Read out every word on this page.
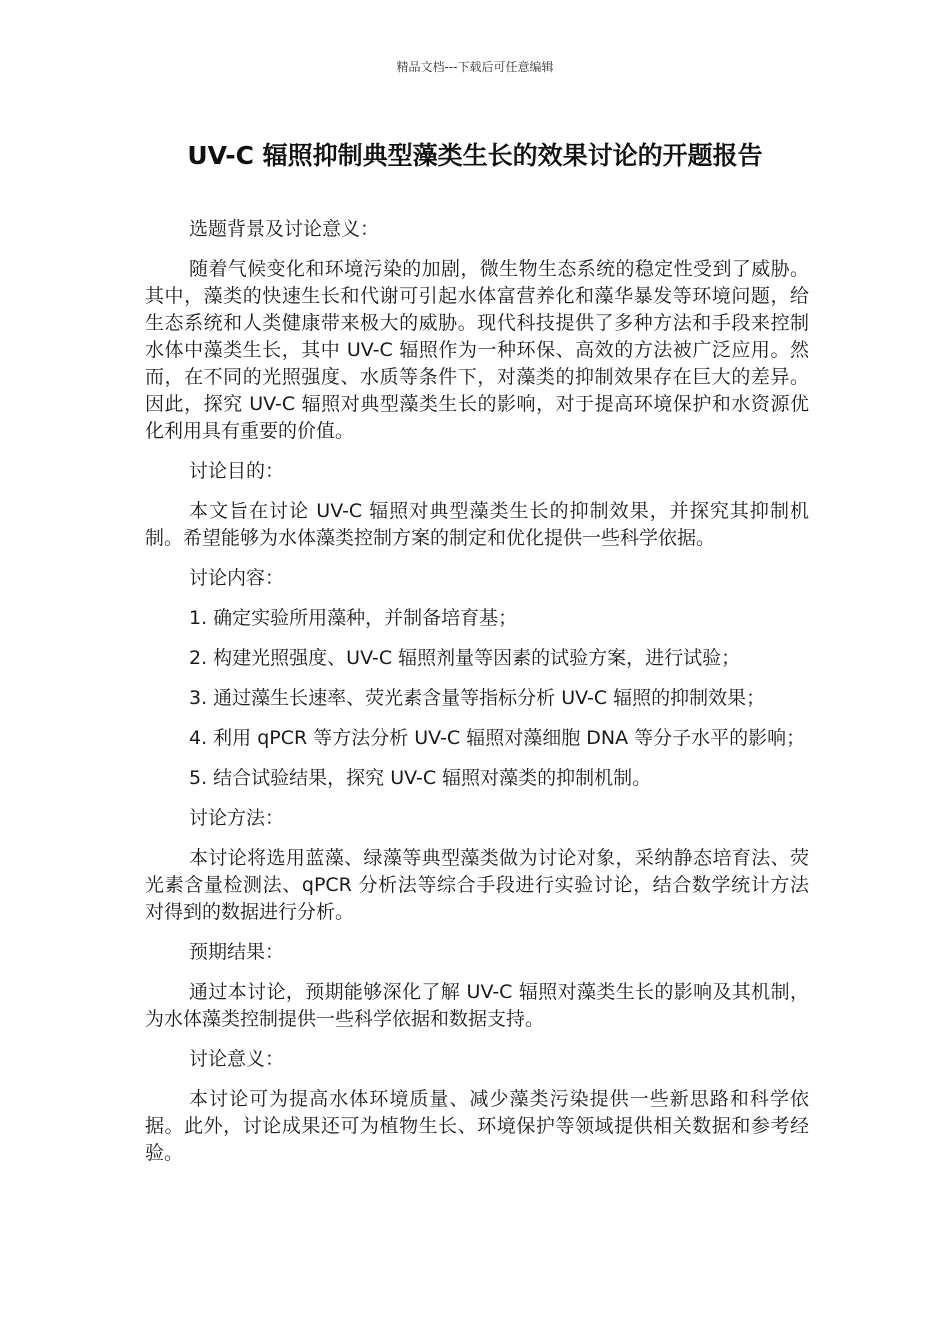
精品文档---下载后可任意编辑
UV-C 辐照抑制典型藻类生长的效果讨论的开题报告

选题背景及讨论意义：

随着气候变化和环境污染的加剧，微生物生态系统的稳定性受到了威胁。其中，藻类的快速生长和代谢可引起水体富营养化和藻华暴发等环境问题，给生态系统和人类健康带来极大的威胁。现代科技提供了多种方法和手段来控制水体中藻类生长，其中 UV-C 辐照作为一种环保、高效的方法被广泛应用。然而，在不同的光照强度、水质等条件下，对藻类的抑制效果存在巨大的差异。因此，探究 UV-C 辐照对典型藻类生长的影响，对于提高环境保护和水资源优化利用具有重要的价值。

讨论目的：

本文旨在讨论 UV-C 辐照对典型藻类生长的抑制效果，并探究其抑制机制。希望能够为水体藻类控制方案的制定和优化提供一些科学依据。

讨论内容：

1. 确定实验所用藻种，并制备培育基；

2. 构建光照强度、UV-C 辐照剂量等因素的试验方案，进行试验；

3. 通过藻生长速率、荧光素含量等指标分析 UV-C 辐照的抑制效果；

4. 利用 qPCR 等方法分析 UV-C 辐照对藻细胞 DNA 等分子水平的影响；

5. 结合试验结果，探究 UV-C 辐照对藻类的抑制机制。

讨论方法：

本讨论将选用蓝藻、绿藻等典型藻类做为讨论对象，采纳静态培育法、荧光素含量检测法、qPCR 分析法等综合手段进行实验讨论，结合数学统计方法对得到的数据进行分析。

预期结果：

通过本讨论，预期能够深化了解 UV-C 辐照对藻类生长的影响及其机制，为水体藻类控制提供一些科学依据和数据支持。

讨论意义：

本讨论可为提高水体环境质量、减少藻类污染提供一些新思路和科学依据。此外，讨论成果还可为植物生长、环境保护等领域提供相关数据和参考经验。
